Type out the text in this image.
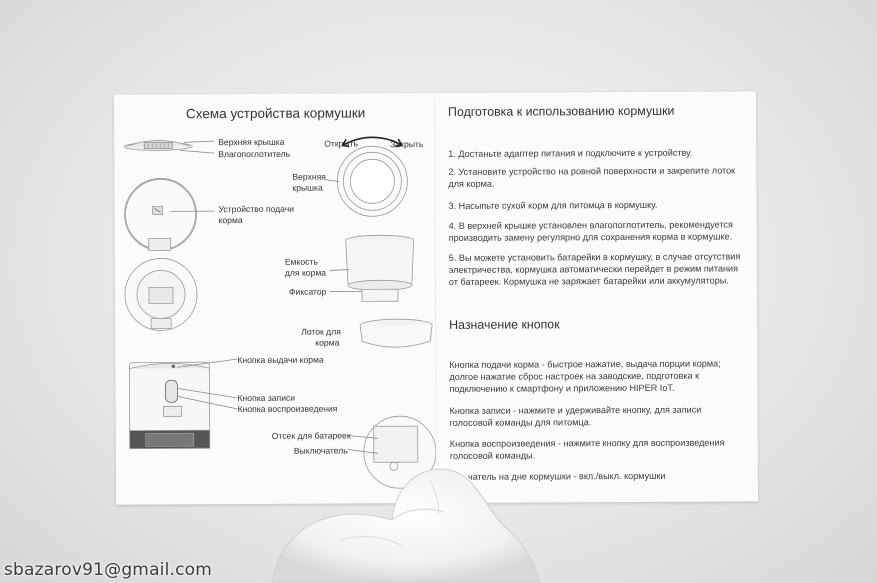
Схема устройства кормушки
Верхняя крышка
Влагопоглотитель
Открыть	Закрыть
Верхняя
крышка
Устройство подачи
корма
Емкость
для корма
Фиксатор
Лоток для
корма
Кнопка выдачи корма
Кнопка записи
Кнопка воспроизведения
Отсек для батареек
Выключатель
Подготовка к использованию кормушки
1. Достаньте адаптер питания и подключите к устройству.
2. Установите устройство на ровной поверхности и закрепите лоток для корма.
3. Насыпьте сухой корм для питомца в кормушку.
4. В верхней крышке установлен влагопоглотитель, рекомендуется производить замену регулярно для сохранения корма в кормушке.
5. Вы можете установить батарейки в кормушку, в случае отсутствия электричества, кормушка автоматически перейдет в режим питания от батареек. Кормушка не заряжает батарейки или аккумуляторы.
Назначение кнопок
Кнопка подачи корма - быстрое нажатие, выдача порции корма; долгое нажатие сброс настроек на заводские, подготовка к подключению к смартфону и приложению HIPER IoT.
Кнопка записи - нажмите и удерживайте кнопку, для записи голосовой команды для питомца.
Кнопка воспроизведения - нажмите кнопку для воспроизведения голосовой команды.
чатель на дне кормушки - вкл./выкл. кормушки
sbazarov91@gmail.com
